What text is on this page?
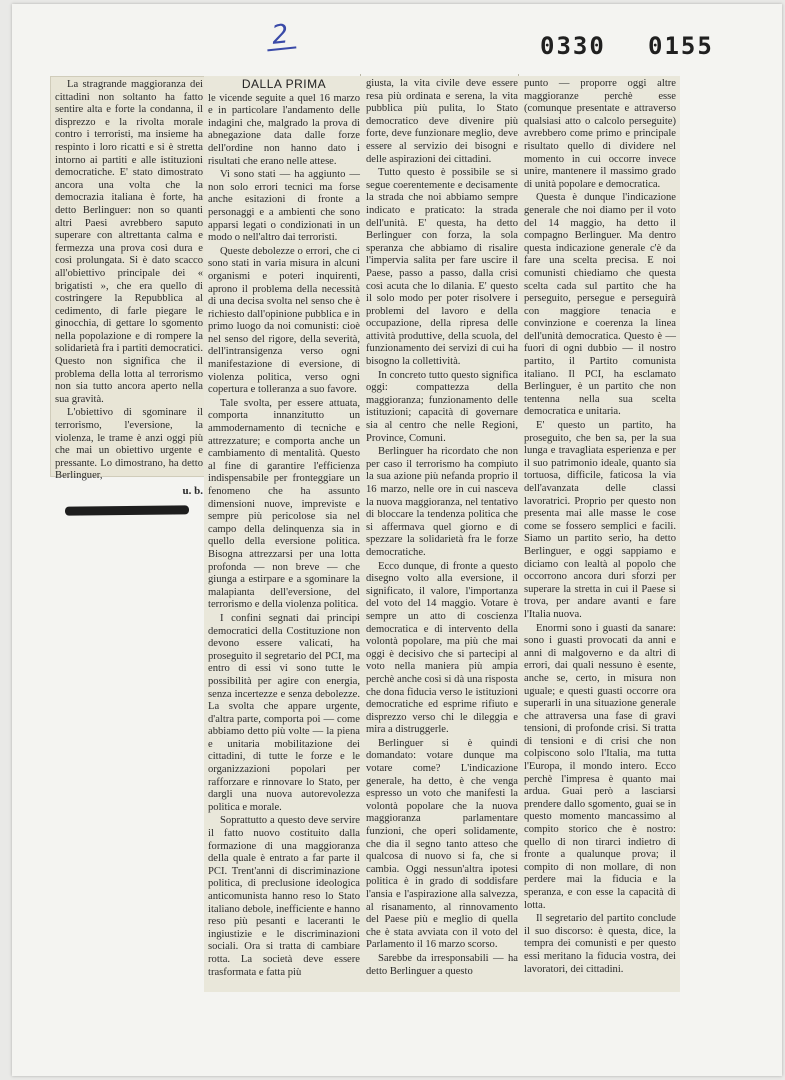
2	0330 0155

La stragrande maggioranza dei cittadini non soltanto ha fatto sentire alta e forte la condanna, il disprezzo e la rivolta morale contro i terroristi, ma insieme ha respinto i loro ricatti e si è stretta intorno ai partiti e alle istituzioni democratiche. E' stato dimostrato ancora una volta che la democrazia italiana è forte, ha detto Berlinguer: non so quanti altri Paesi avrebbero saputo superare con altrettanta calma e fermezza una prova così dura e così prolungata. Si è dato scacco all'obiettivo principale dei « brigatisti », che era quello di costringere la Repubblica al cedimento, di farle piegare le ginocchia, di gettare lo sgomento nella popolazione e di rompere la solidarietà fra i partiti democratici. Questo non significa che il problema della lotta al terrorismo non sia tutto ancora aperto nella sua gravità.

L'obiettivo di sgominare il terrorismo, l'eversione, la violenza, le trame è anzi oggi più che mai un obiettivo urgente e pressante. Lo dimostrano, ha detto Berlinguer,

u. b.
DALLA PRIMA

le vicende seguite a quel 16 marzo e in particolare l'andamento delle indagini che, malgrado la prova di abnegazione data dalle forze dell'ordine non hanno dato i risultati che erano nelle attese.

Vi sono stati — ha aggiunto — non solo errori tecnici ma forse anche esitazioni di fronte a personaggi e a ambienti che sono apparsi legati o condizionati in un modo o nell'altro dai terroristi.

Queste debolezze o errori, che ci sono stati in varia misura in alcuni organismi e poteri inquirenti, aprono il problema della necessità di una decisa svolta nel senso che è richiesto dall'opinione pubblica e in primo luogo da noi comunisti: cioè nel senso del rigore, della severità, dell'intransigenza verso ogni manifestazione di eversione, di violenza politica, verso ogni copertura e tolleranza a suo favore.

Tale svolta, per essere attuata, comporta innanzitutto un ammodernamento di tecniche e attrezzature; e comporta anche un cambiamento di mentalità. Questo al fine di garantire l'efficienza indispensabile per fronteggiare un fenomeno che ha assunto dimensioni nuove, impreviste e sempre più pericolose sia nel campo della delinquenza sia in quello della eversione politica. Bisogna attrezzarsi per una lotta profonda — non breve — che giunga a estirpare e a sgominare la malapianta dell'eversione, del terrorismo e della violenza politica.

I confini segnati dai principi democratici della Costituzione non devono essere valicati, ha proseguito il segretario del PCI, ma entro di essi vi sono tutte le possibilità per agire con energia, senza incertezze e senza debolezze. La svolta che appare urgente, d'altra parte, comporta poi — come abbiamo detto più volte — la piena e unitaria mobilitazione dei cittadini, di tutte le forze e le organizzazioni popolari per rafforzare e rinnovare lo Stato, per dargli una nuova autorevolezza politica e morale.

Soprattutto a questo deve servire il fatto nuovo costituito dalla formazione di una maggioranza della quale è entrato a far parte il PCI. Trent'anni di discriminazione politica, di preclusione ideologica anticomunista hanno reso lo Stato italiano debole, inefficiente e hanno reso più pesanti e laceranti le ingiustizie e le discriminazioni sociali. Ora si tratta di cambiare rotta. La società deve essere trasformata e fatta più

giusta, la vita civile deve essere resa più ordinata e serena, la vita pubblica più pulita, lo Stato democratico deve divenire più forte, deve funzionare meglio, deve essere al servizio dei bisogni e delle aspirazioni dei cittadini.

Tutto questo è possibile se si segue coerentemente e decisamente la strada che noi abbiamo sempre indicato e praticato: la strada dell'unità. E' questa, ha detto Berlinguer con forza, la sola speranza che abbiamo di risalire l'impervia salita per fare uscire il Paese, passo a passo, dalla crisi così acuta che lo dilania. E' questo il solo modo per poter risolvere i problemi del lavoro e della occupazione, della ripresa delle attività produttive, della scuola, del funzionamento dei servizi di cui ha bisogno la collettività.

In concreto tutto questo significa oggi: compattezza della maggioranza; funzionamento delle istituzioni; capacità di governare sia al centro che nelle Regioni, Province, Comuni.

Berlinguer ha ricordato che non per caso il terrorismo ha compiuto la sua azione più nefanda proprio il 16 marzo, nelle ore in cui nasceva la nuova maggioranza, nel tentativo di bloccare la tendenza politica che si affermava quel giorno e di spezzare la solidarietà fra le forze democratiche.

Ecco dunque, di fronte a questo disegno volto alla eversione, il significato, il valore, l'importanza del voto del 14 maggio. Votare è sempre un atto di coscienza democratica e di intervento della volontà popolare, ma più che mai oggi è decisivo che si partecipi al voto nella maniera più ampia perchè anche così si dà una risposta che dona fiducia verso le istituzioni democratiche ed esprime rifiuto e disprezzo verso chi le dileggia e mira a distruggerle.

Berlinguer si è quindi domandato: votare dunque ma votare come? L'indicazione generale, ha detto, è che venga espresso un voto che manifesti la volontà popolare che la nuova maggioranza parlamentare funzioni, che operi solidamente, che dia il segno tanto atteso che qualcosa di nuovo si fa, che si cambia. Oggi nessun'altra ipotesi politica è in grado di soddisfare l'ansia e l'aspirazione alla salvezza, al risanamento, al rinnovamento del Paese più e meglio di quella che è stata avviata con il voto del Parlamento il 16 marzo scorso.

Sarebbe da irresponsabili — ha detto Berlinguer a questo

punto — proporre oggi altre maggioranze perchè esse (comunque presentate e attraverso qualsiasi atto o calcolo perseguite) avrebbero come primo e principale risultato quello di dividere nel momento in cui occorre invece unire, mantenere il massimo grado di unità popolare e democratica.

Questa è dunque l'indicazione generale che noi diamo per il voto del 14 maggio, ha detto il compagno Berlinguer. Ma dentro questa indicazione generale c'è da fare una scelta precisa. E noi comunisti chiediamo che questa scelta cada sul partito che ha perseguito, persegue e perseguirà con maggiore tenacia e convinzione e coerenza la linea dell'unità democratica. Questo è — fuori di ogni dubbio — il nostro partito, il Partito comunista italiano. Il PCI, ha esclamato Berlinguer, è un partito che non tentenna nella sua scelta democratica e unitaria.

E' questo un partito, ha proseguito, che ben sa, per la sua lunga e travagliata esperienza e per il suo patrimonio ideale, quanto sia tortuosa, difficile, faticosa la via dell'avanzata delle classi lavoratrici. Proprio per questo non presenta mai alle masse le cose come se fossero semplici e facili. Siamo un partito serio, ha detto Berlinguer, e oggi sappiamo e diciamo con lealtà al popolo che occorrono ancora duri sforzi per superare la stretta in cui il Paese si trova, per andare avanti e fare l'Italia nuova.

Enormi sono i guasti da sanare: sono i guasti provocati da anni e anni di malgoverno e da altri di errori, dai quali nessuno è esente, anche se, certo, in misura non uguale; e questi guasti occorre ora superarli in una situazione generale che attraversa una fase di gravi tensioni, di profonde crisi. Si tratta di tensioni e di crisi che non colpiscono solo l'Italia, ma tutta l'Europa, il mondo intero. Ecco perchè l'impresa è quanto mai ardua. Guai però a lasciarsi prendere dallo sgomento, guai se in questo momento mancassimo al compito storico che è nostro: quello di non tirarci indietro di fronte a qualunque prova; il compito di non mollare, di non perdere mai la fiducia e la speranza, e con esse la capacità di lotta.

Il segretario del partito conclude il suo discorso: è questa, dice, la tempra dei comunisti e per questo essi meritano la fiducia vostra, dei lavoratori, dei cittadini.
